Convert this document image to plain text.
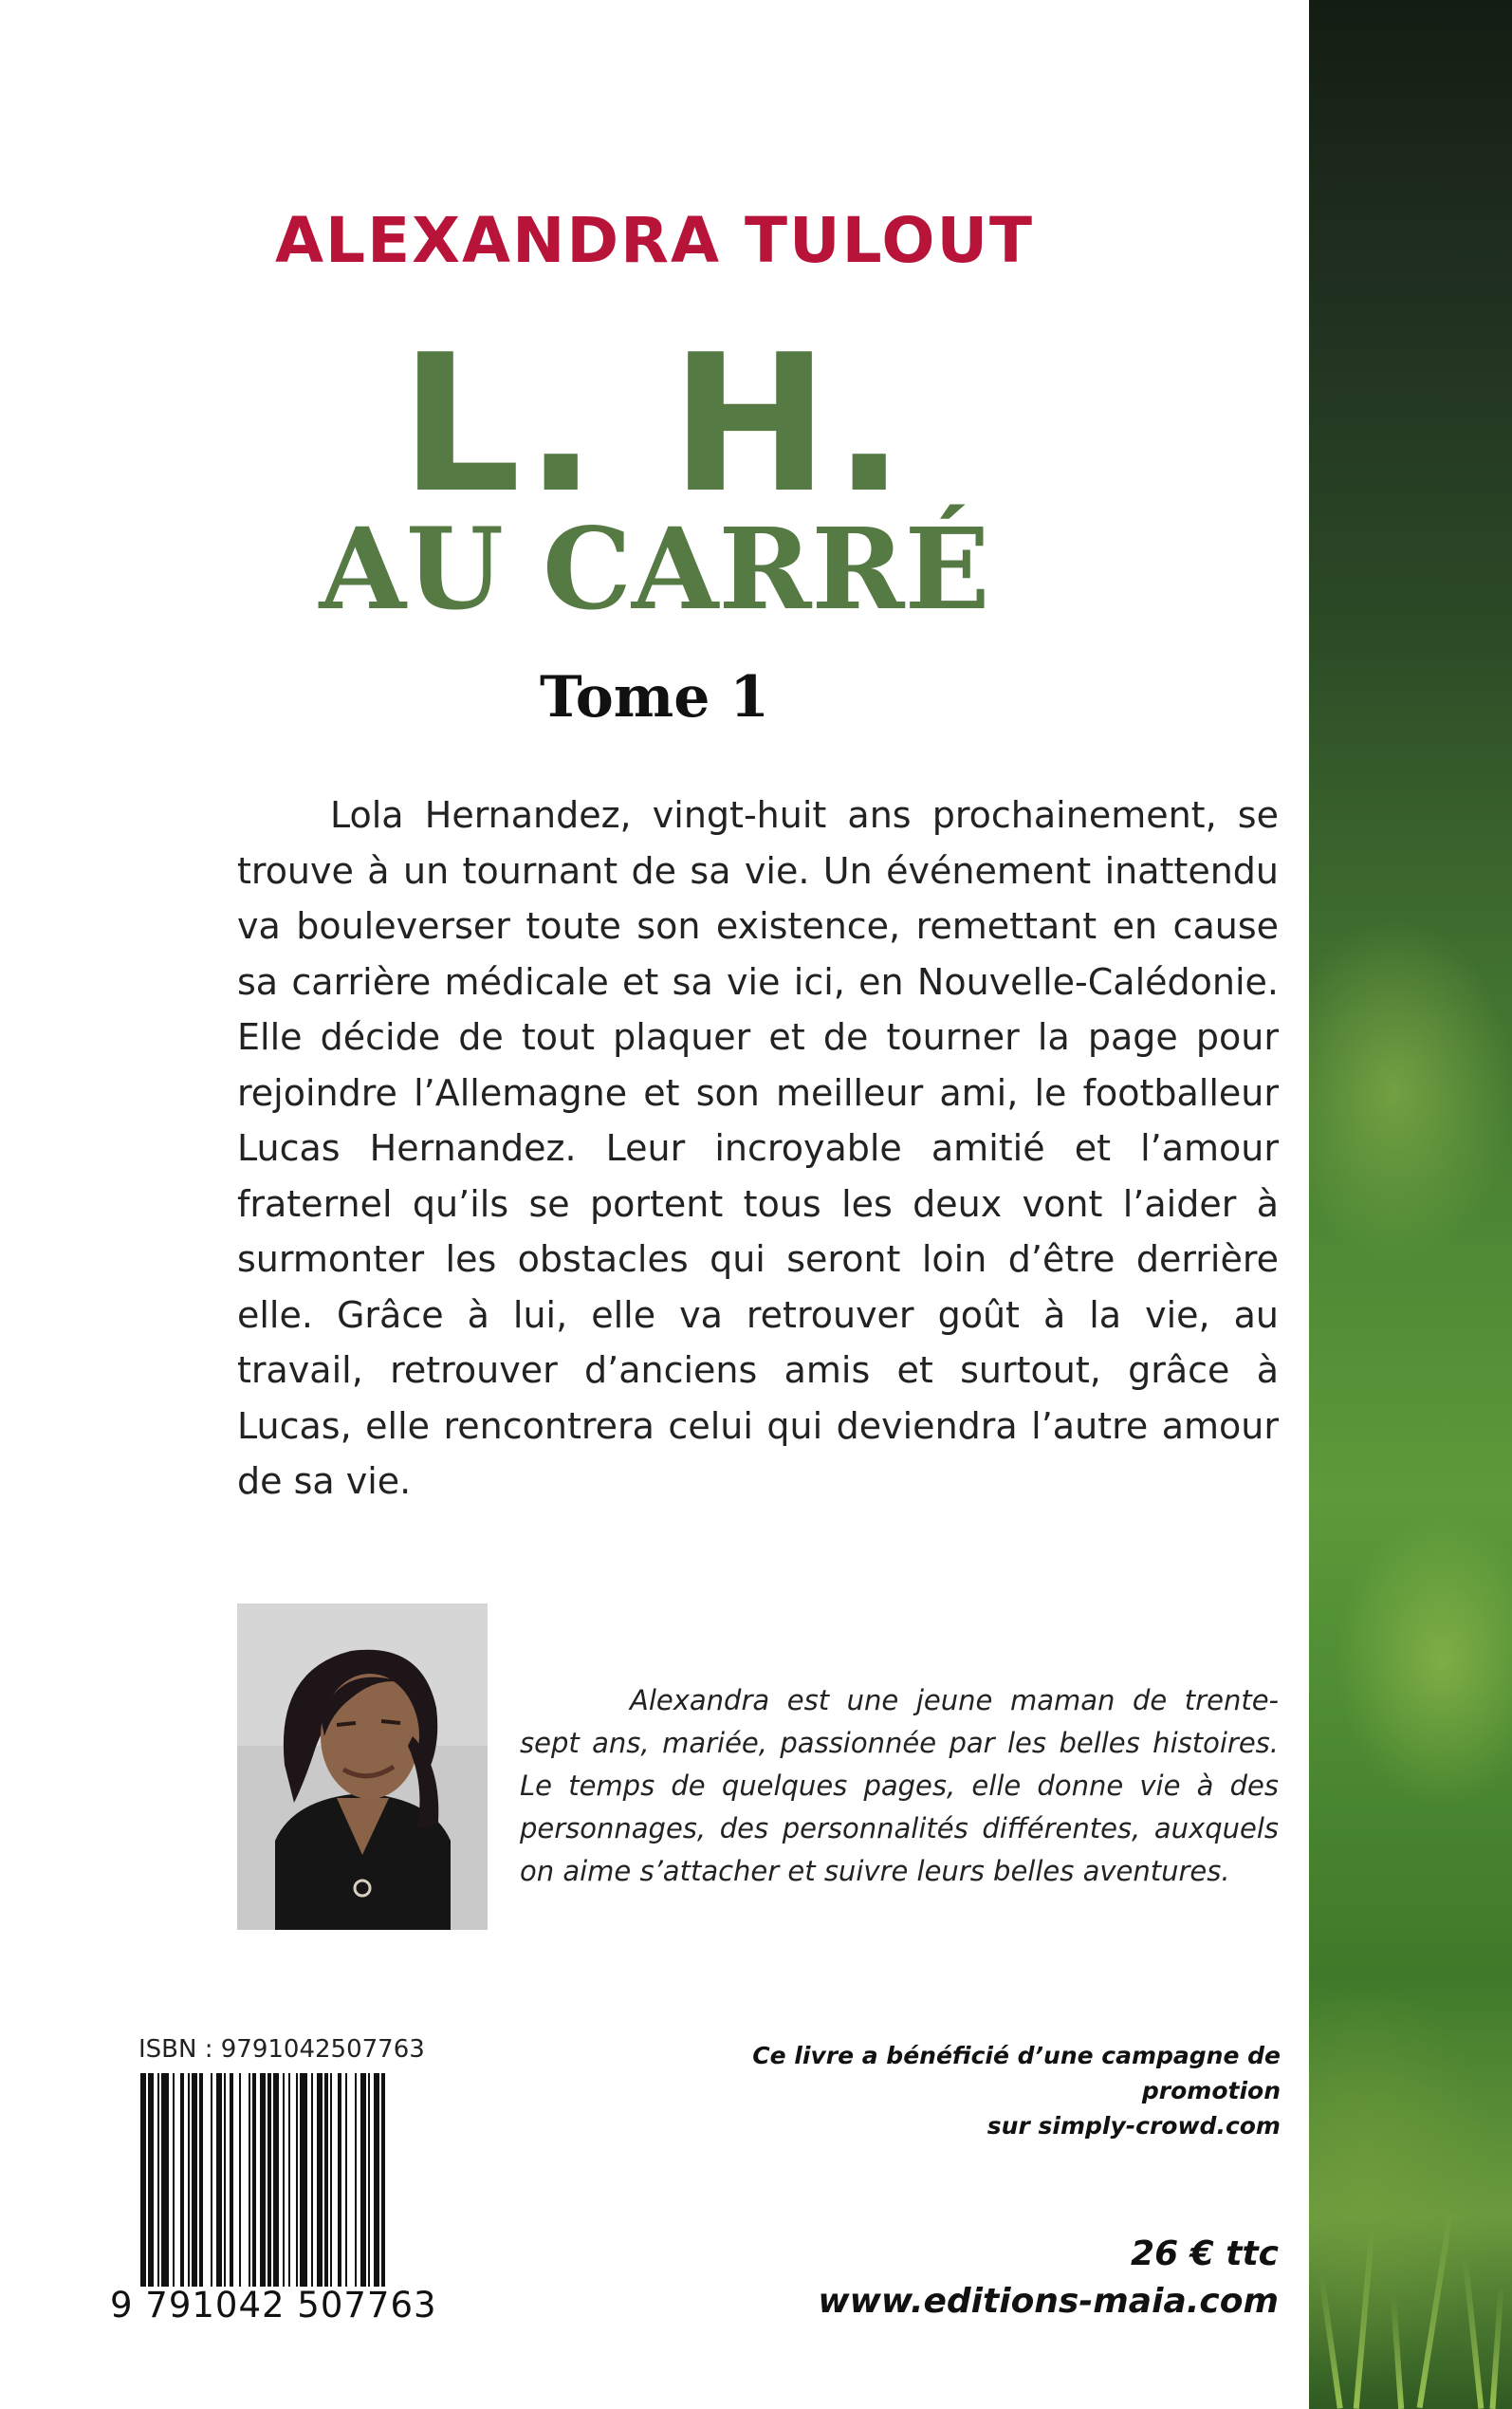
ALEXANDRA TULOUT
L. H.
AU CARRÉ
Tome 1

Lola Hernandez, vingt-huit ans prochainement, se trouve à un tournant de sa vie. Un événement inattendu va bouleverser toute son existence, remettant en cause sa carrière médicale et sa vie ici, en Nouvelle-Calédonie. Elle décide de tout plaquer et de tourner la page pour rejoindre l’Allemagne et son meilleur ami, le footballeur Lucas Hernandez. Leur incroyable amitié et l’amour fraternel qu’ils se portent tous les deux vont l’aider à surmonter les obstacles qui seront loin d’être derrière elle. Grâce à lui, elle va retrouver goût à la vie, au travail, retrouver d’anciens amis et surtout, grâce à Lucas, elle rencontrera celui qui deviendra l’autre amour de sa vie.

Alexandra est une jeune maman de trente-sept ans, mariée, passionnée par les belles histoires. Le temps de quelques pages, elle donne vie à des personnages, des personnalités différentes, auxquels on aime s’attacher et suivre leurs belles aventures.

ISBN : 9791042507763

9 791042 507763

Ce livre a bénéficié d’une campagne de promotion
sur simply-crowd.com

26 € ttc

www.editions-maia.com
